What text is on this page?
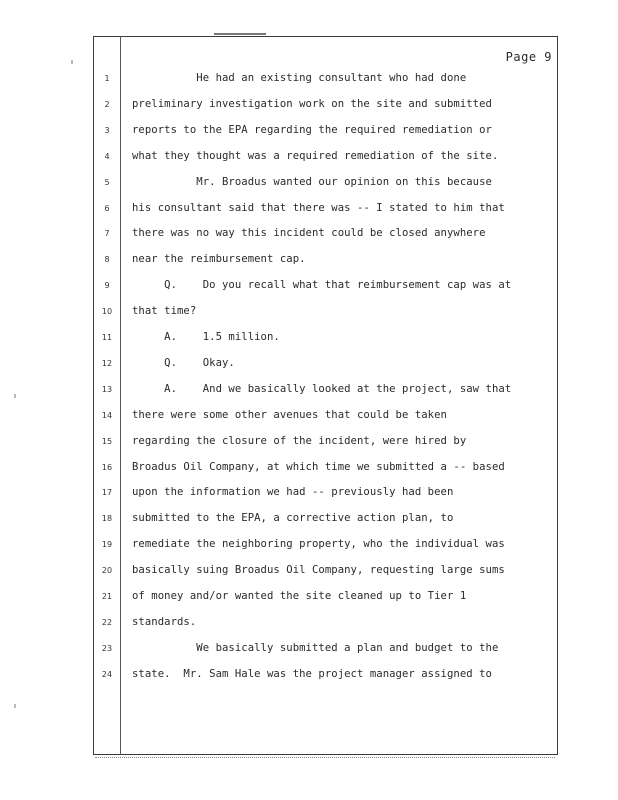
Page 9
1	He had an existing consultant who had done
2	preliminary investigation work on the site and submitted
3	reports to the EPA regarding the required remediation or
4	what they thought was a required remediation of the site.
5	Mr. Broadus wanted our opinion on this because
6	his consultant said that there was -- I stated to him that
7	there was no way this incident could be closed anywhere
8	near the reimbursement cap.
9	Q.    Do you recall what that reimbursement cap was at
10	that time?
11	A.    1.5 million.
12	Q.    Okay.
13	A.    And we basically looked at the project, saw that
14	there were some other avenues that could be taken
15	regarding the closure of the incident, were hired by
16	Broadus Oil Company, at which time we submitted a -- based
17	upon the information we had -- previously had been
18	submitted to the EPA, a corrective action plan, to
19	remediate the neighboring property, who the individual was
20	basically suing Broadus Oil Company, requesting large sums
21	of money and/or wanted the site cleaned up to Tier 1
22	standards.
23	We basically submitted a plan and budget to the
24	state.  Mr. Sam Hale was the project manager assigned to
